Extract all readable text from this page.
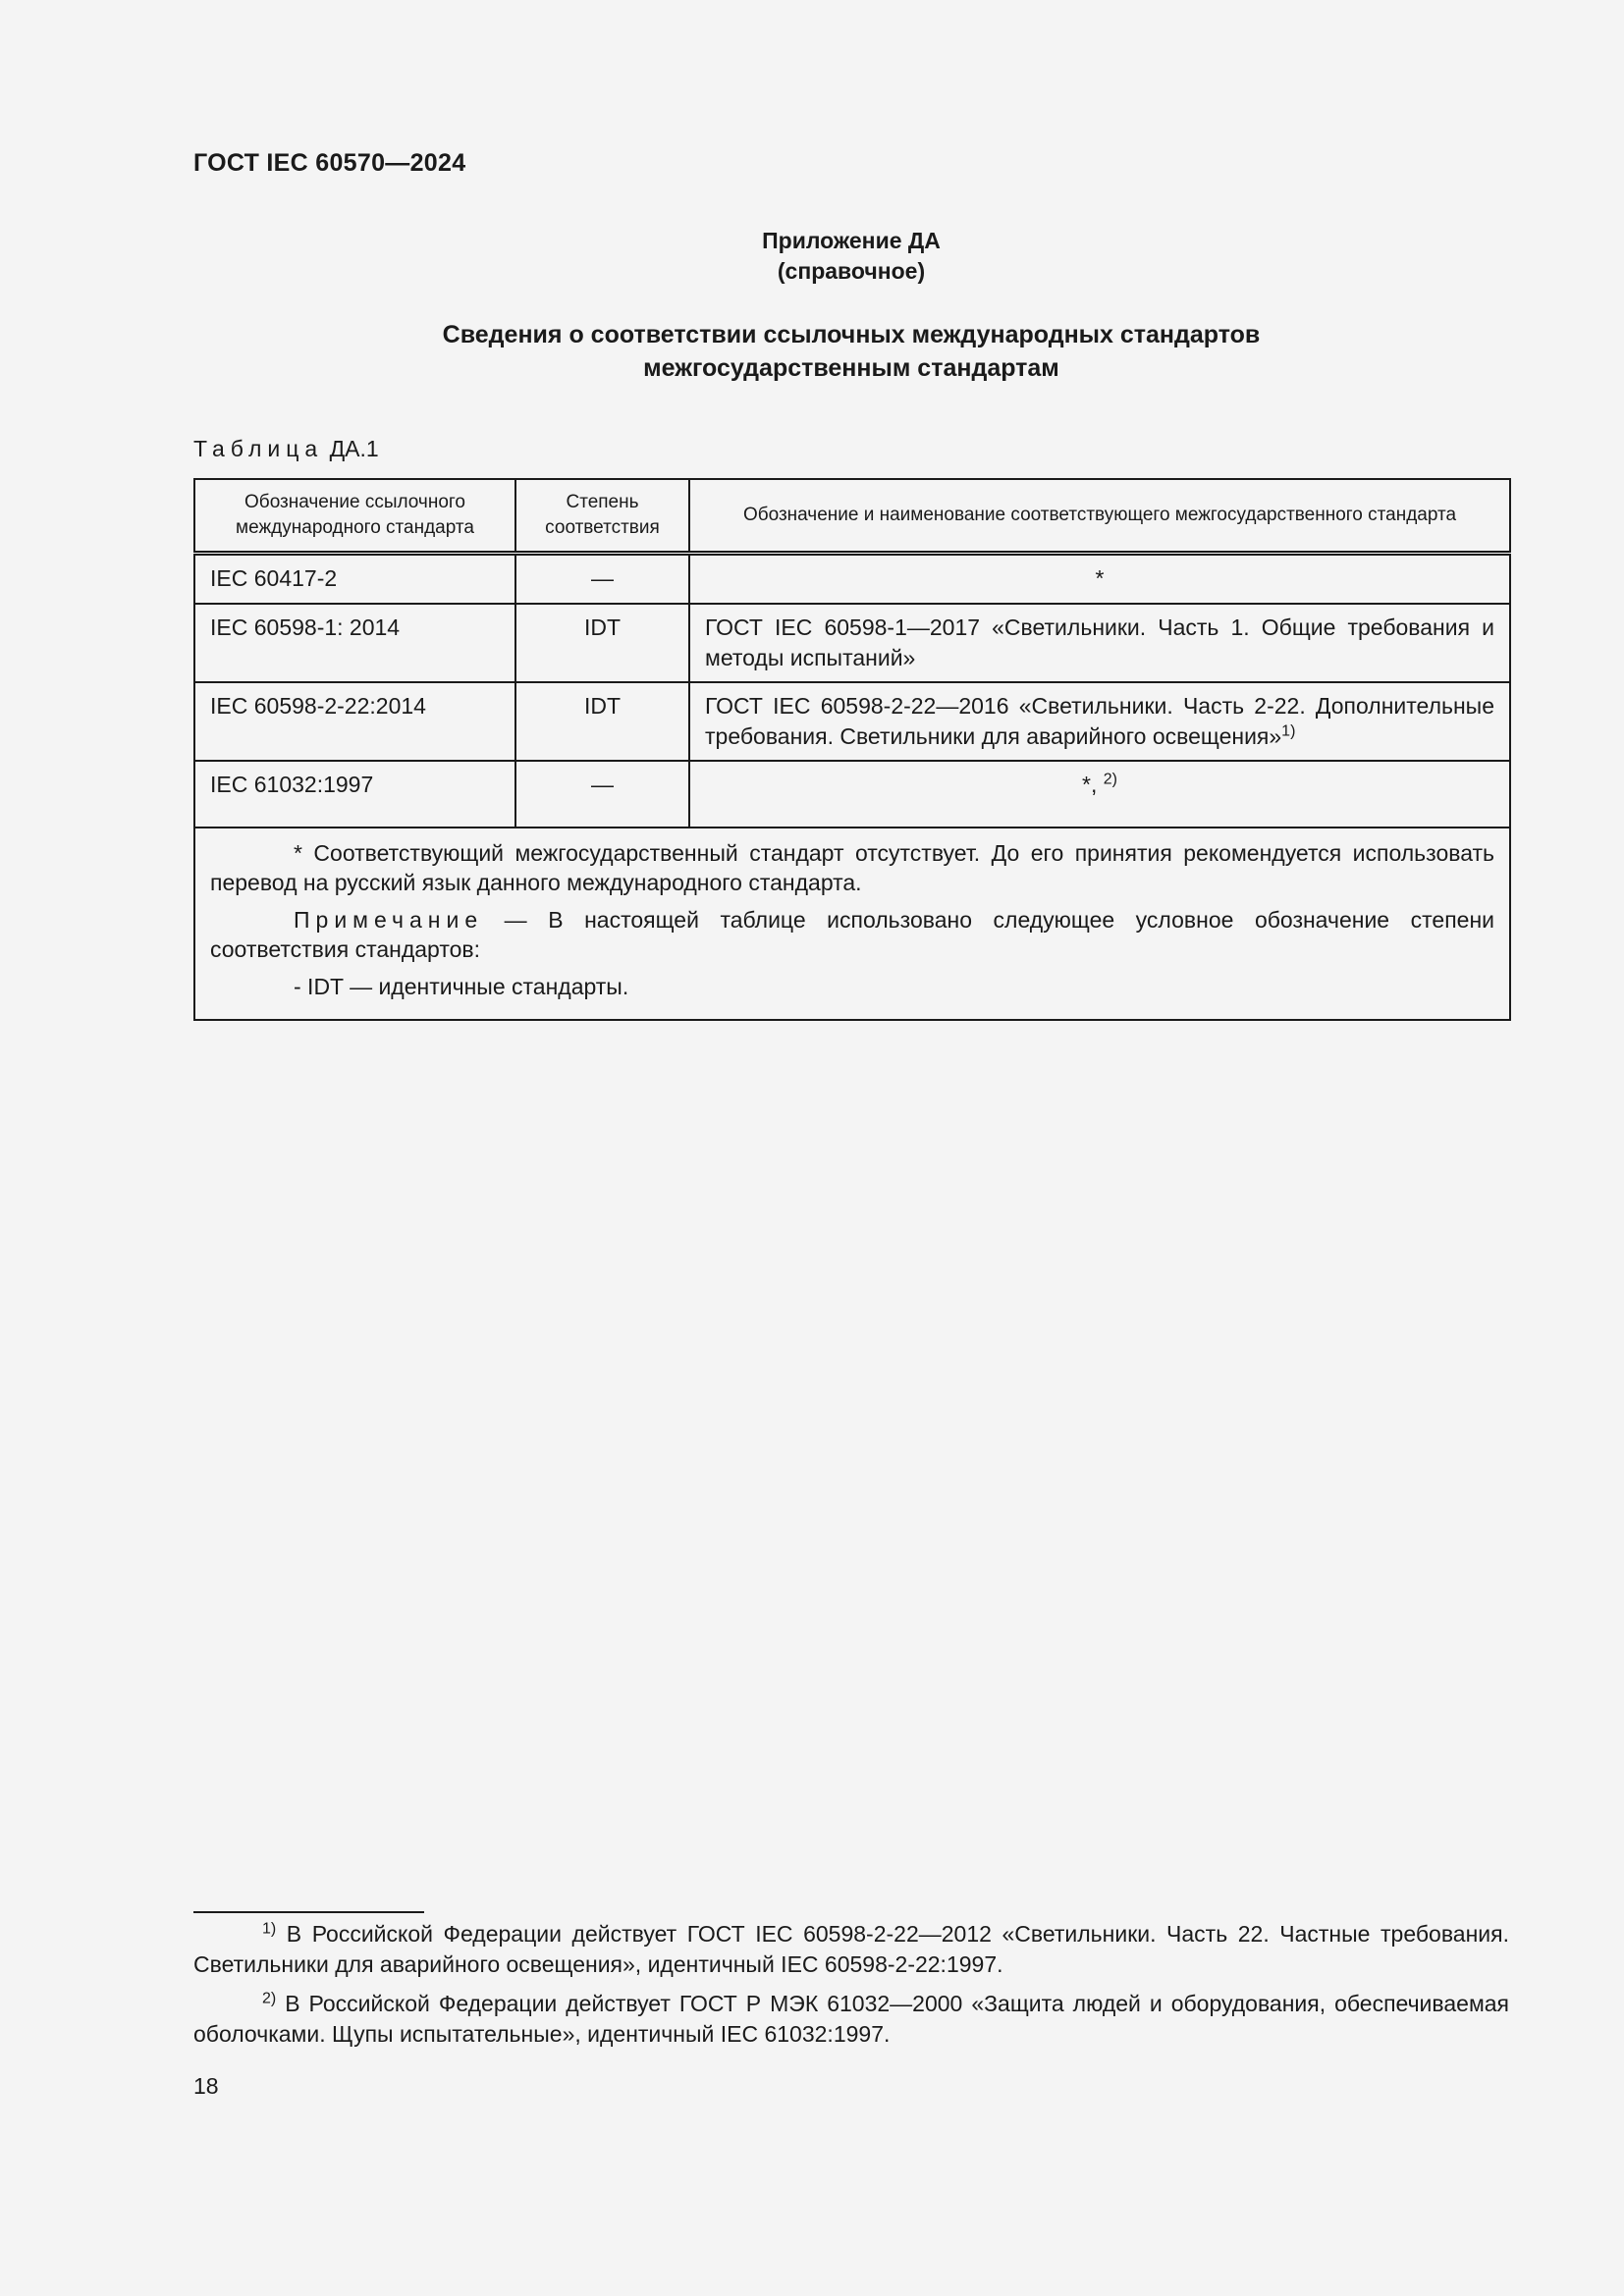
ГОСТ IEC 60570—2024
Приложение ДА
(справочное)
Сведения о соответствии ссылочных международных стандартов
межгосударственным стандартам
Таблица ДА.1
Обозначение ссылочного международного стандарта	Степень соответствия	Обозначение и наименование соответствующего межгосударственного стандарта
IEC 60417-2	—	*
IEC 60598-1: 2014	IDT	ГОСТ IEC 60598-1—2017 «Светильники. Часть 1. Общие требования и методы испытаний»
IEC 60598-2-22:2014	IDT	ГОСТ IEC 60598-2-22—2016 «Светильники. Часть 2-22. Дополнительные требования. Светильники для аварийного освещения»$^{1)}$
IEC 61032:1997	—	*, $^{2)}$

* Соответствующий межгосударственный стандарт отсутствует. До его принятия рекомендуется использовать перевод на русский язык данного международного стандарта.

Примечание — В настоящей таблице использовано следующее условное обозначение степени соответствия стандартов:

- IDT — идентичные стандарты.		

$^{1)}$ В Российской Федерации действует ГОСТ IEC 60598-2-22—2012 «Светильники. Часть 22. Частные требования. Светильники для аварийного освещения», идентичный IEC 60598-2-22:1997.

$^{2)}$ В Российской Федерации действует ГОСТ Р МЭК 61032—2000 «Защита людей и оборудования, обеспечиваемая оболочками. Щупы испытательные», идентичный IEC 61032:1997.

18
